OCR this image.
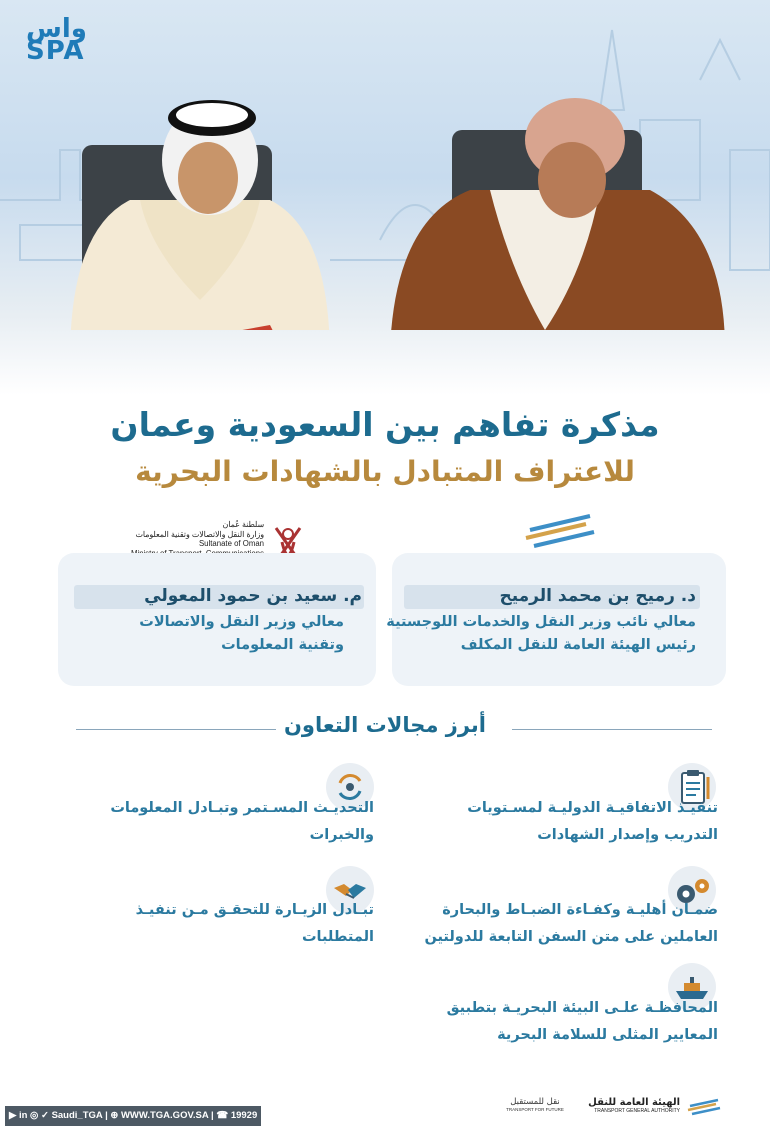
واس
SPA
مذكرة تفاهم بين السعودية وعمان
للاعتراف المتبادل بالشهادات البحرية
سلطنة عُمان
وزارة النقل والاتصالات وتقنية المعلومات
Sultanate of Oman
م. سعيد بن حمود المعولي
معالي وزير النقل والاتصالات
وتقنية المعلومات
د. رميح بن محمد الرميح
معالي نائب وزير النقل والخدمات اللوجستية
رئيس الهيئة العامة للنقل المكلف
أبرز مجالات التعاون
تنفيـذ الاتفاقيـة الدوليـة لمسـتويات
التدريب وإصدار الشهادات
ضمـان أهليـة وكفـاءة الضبـاط والبحارة
العاملين على متن السفن التابعة للدولتين
المحافظـة علـى البيئة البحريـة بتطبيق
المعايير المثلى للسلامة البحرية
التحديـث المسـتمر وتبـادل المعلومات
والخبرات
تبـادل الزيـارة للتحقـق مـن تنفيـذ
المتطلبات
▶ in ◎ ✓ Saudi_TGA | ⊕ WWW.TGA.GOV.SA | ☎ 19929
نقل للمستقبل
TRANSPORT FOR FUTURE
الهيئة العامة للنقل
TRANSPORT GENERAL AUTHORITY
